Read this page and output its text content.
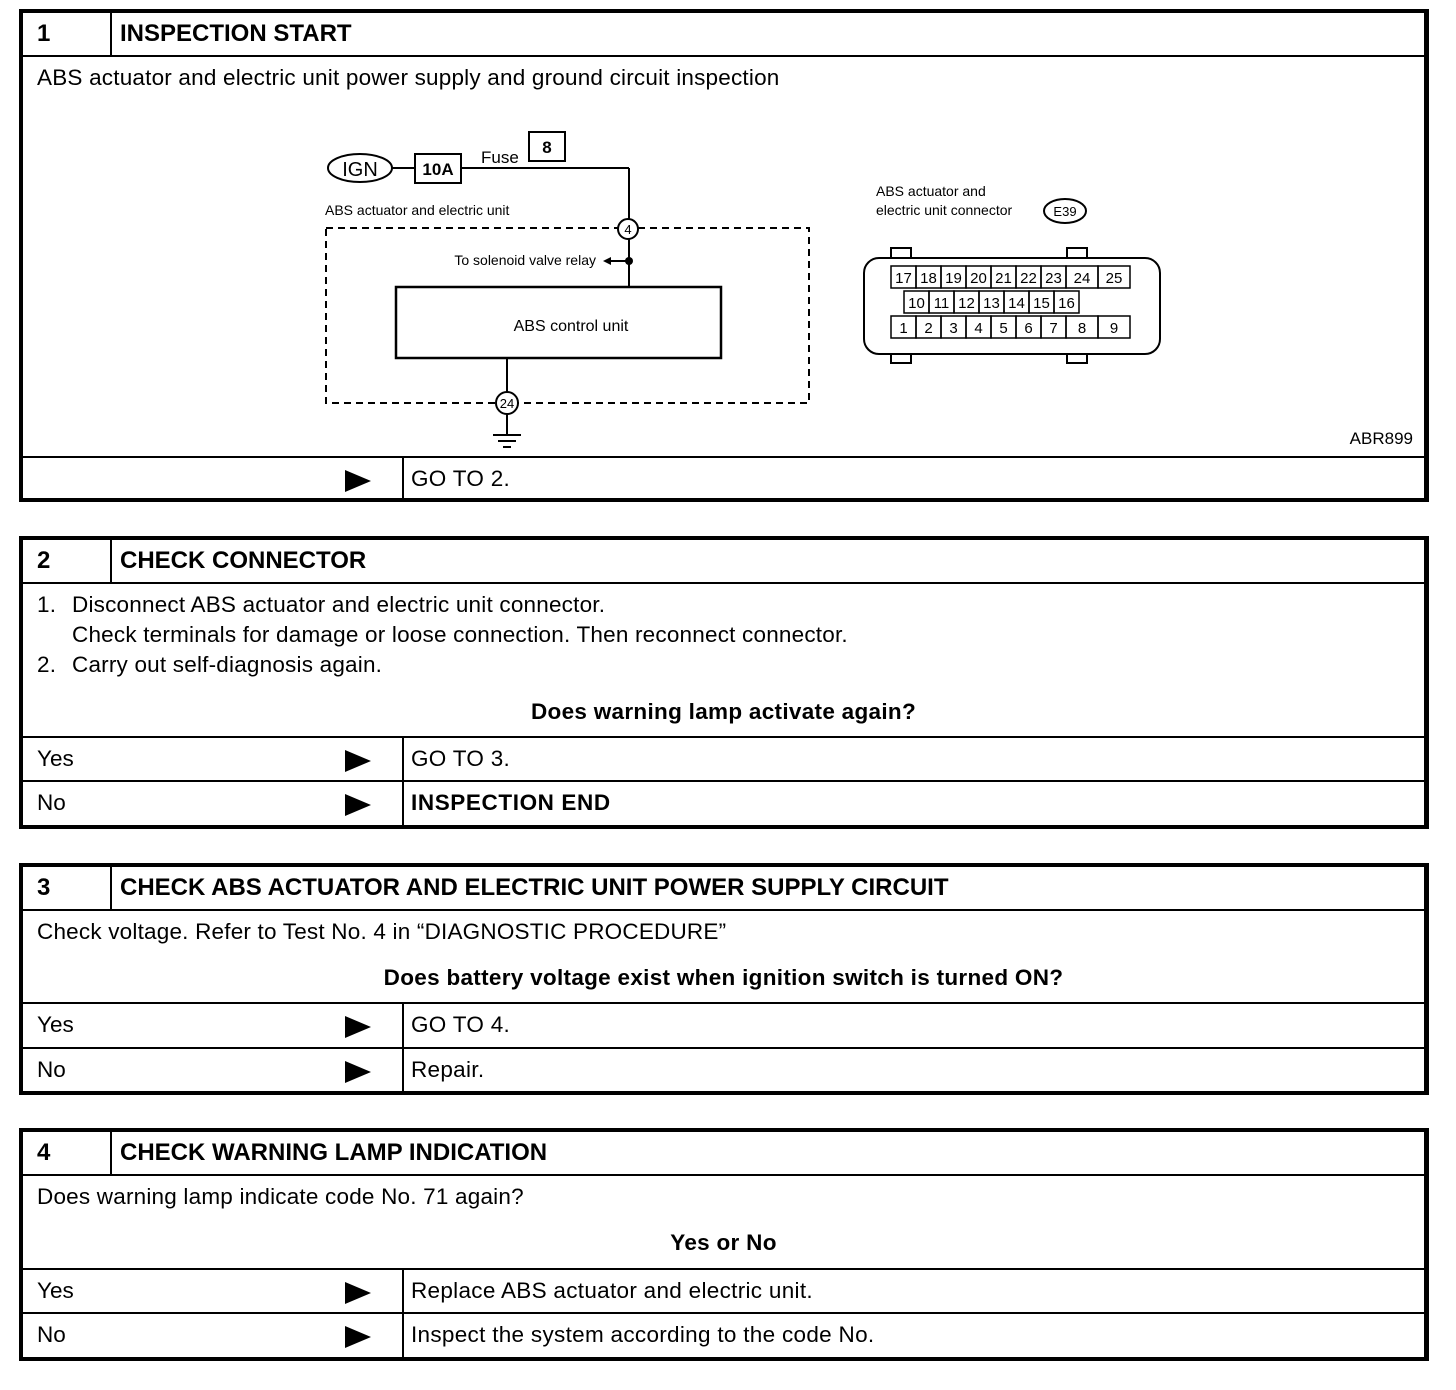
1	INSPECTION START
ABS actuator and electric unit power supply and ground circuit inspection
IGN	10A
Fuse
8
ABS actuator and electric unit
4
To solenoid valve relay
ABS control unit
24
ABS actuator and
electric unit connector	E39
17 18 19 20 21 22 23 24 25
10 11 12 13 14 15 16
1 2 3 4 5 6 7 8 9
ABR899
GO TO 2.
2	CHECK CONNECTOR
1. Disconnect ABS actuator and electric unit connector.
Check terminals for damage or loose connection. Then reconnect connector.
2. Carry out self-diagnosis again.
Does warning lamp activate again?
Yes	GO TO 3.
No	INSPECTION END
3	CHECK ABS ACTUATOR AND ELECTRIC UNIT POWER SUPPLY CIRCUIT
Check voltage. Refer to Test No. 4 in “DIAGNOSTIC PROCEDURE”
Does battery voltage exist when ignition switch is turned ON?
Yes	GO TO 4.
No	Repair.
4	CHECK WARNING LAMP INDICATION
Does warning lamp indicate code No. 71 again?
Yes or No
Yes	Replace ABS actuator and electric unit.
No	Inspect the system according to the code No.
